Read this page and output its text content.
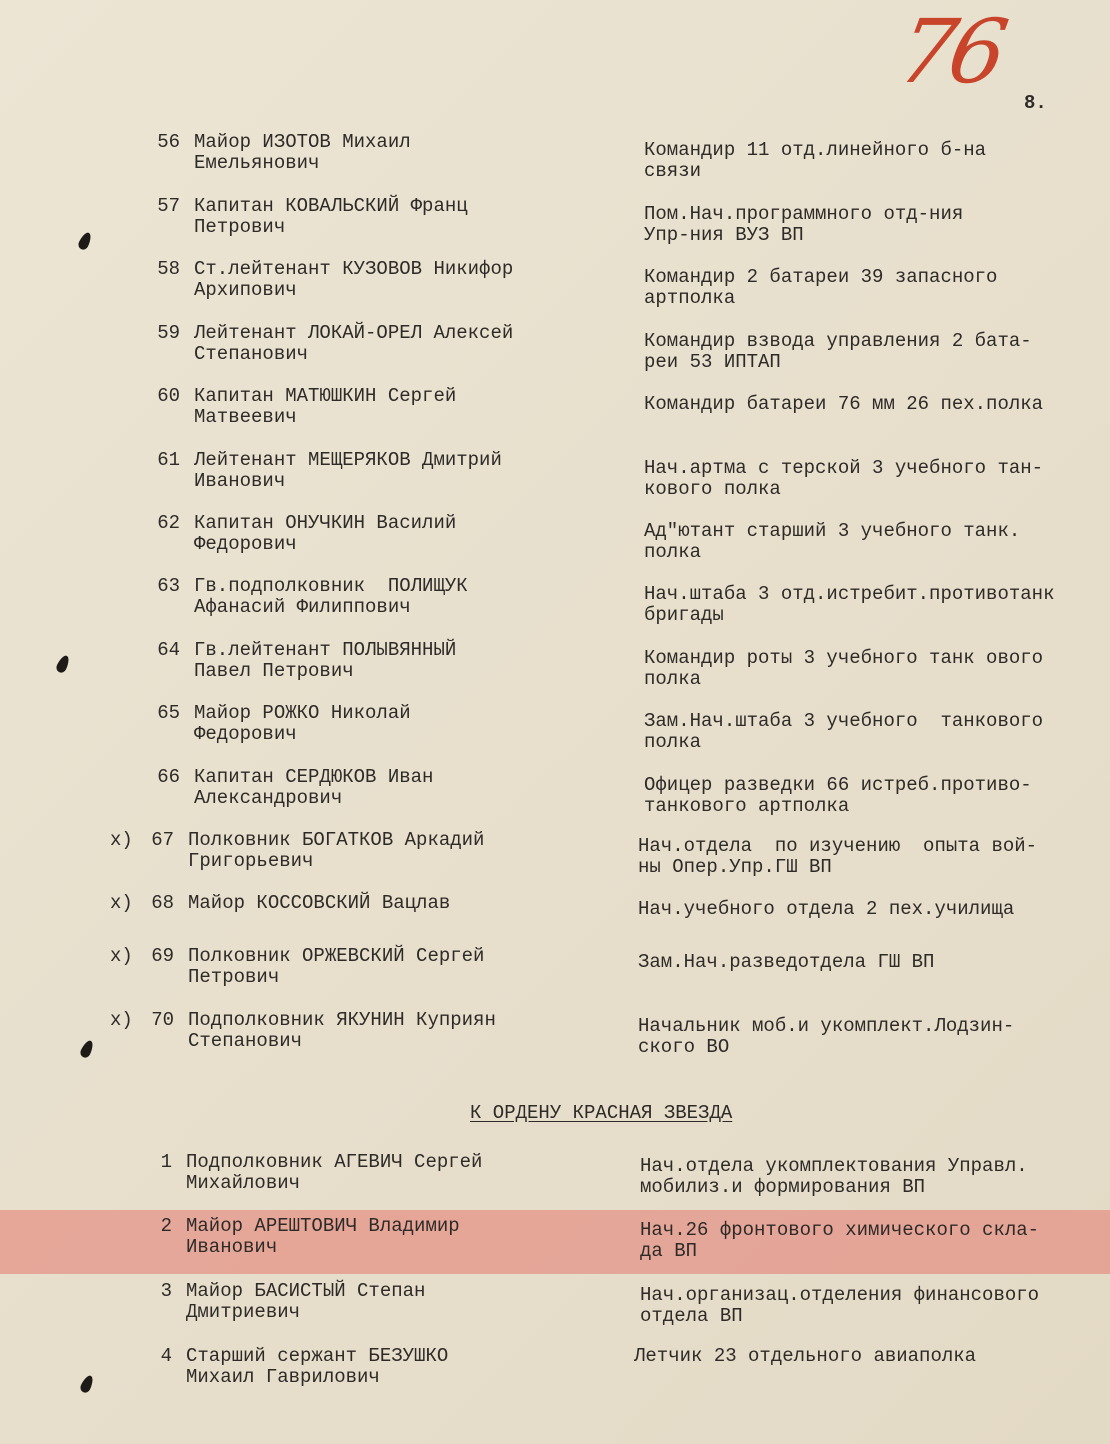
76 8.
56 Майор ИЗОТОВ Михаил
Емельянович
Командир 11 отд.линейного б-на
связи
57 Капитан КОВАЛЬСКИЙ Франц
Петрович
Пом.Нач.программного отд-ния
Упр-ния ВУЗ ВП
58 Ст.лейтенант КУЗОВОВ Никифор
Архипович
Командир 2 батареи 39 запасного
артполка
59 Лейтенант ЛОКАЙ-ОРЕЛ Алексей
Степанович
Командир взвода управления 2 бата-
реи 53 ИПТАП
60 Капитан МАТЮШКИН Сергей
Матвеевич
Командир батареи 76 мм 26 пех.полка
61 Лейтенант МЕЩЕРЯКОВ Дмитрий
Иванович
Нач.артма с терской 3 учебного тан-
кового полка
62 Капитан ОНУЧКИН Василий
Федорович
Ад"ютант старший 3 учебного танк.
полка
63 Гв.подполковник  ПОЛИЩУК
Афанасий Филиппович
Нач.штаба 3 отд.истребит.противотанк
бригады
64 Гв.лейтенант ПОЛЫВЯННЫЙ
Павел Петрович
Командир роты 3 учебного танк ового
полка
65 Майор РОЖКО Николай
Федорович
Зам.Нач.штаба 3 учебного  танкового
полка
66 Капитан СЕРДЮКОВ Иван
Александрович
Офицер разведки 66 истреб.противо-
танкового артполка
х) 67 Полковник БОГАТКОВ Аркадий
Григорьевич
Нач.отдела  по изучению  опыта вой-
ны Опер.Упр.ГШ ВП
х) 68 Майор КОССОВСКИЙ Вацлав	Нач.учебного отдела 2 пех.училища
х) 69 Полковник ОРЖЕВСКИЙ Сергей
Петрович
Зам.Нач.разведотдела ГШ ВП
х) 70 Подполковник ЯКУНИН Куприян
Степанович
Начальник моб.и укомплект.Лодзин-
ского ВО
К ОРДЕНУ КРАСНАЯ ЗВЕЗДА
1 Подполковник АГЕВИЧ Сергей
Михайлович
Нач.отдела укомплектования Управл.
мобилиз.и формирования ВП
2 Майор АРЕШТОВИЧ Владимир
Иванович
Нач.26 фронтового химического скла-
да ВП
3 Майор БАСИСТЫЙ Степан
Дмитриевич
Нач.организац.отделения финансового
отдела ВП
4 Старший сержант БЕЗУШКО
Михаил Гаврилович
Летчик 23 отдельного авиаполка
